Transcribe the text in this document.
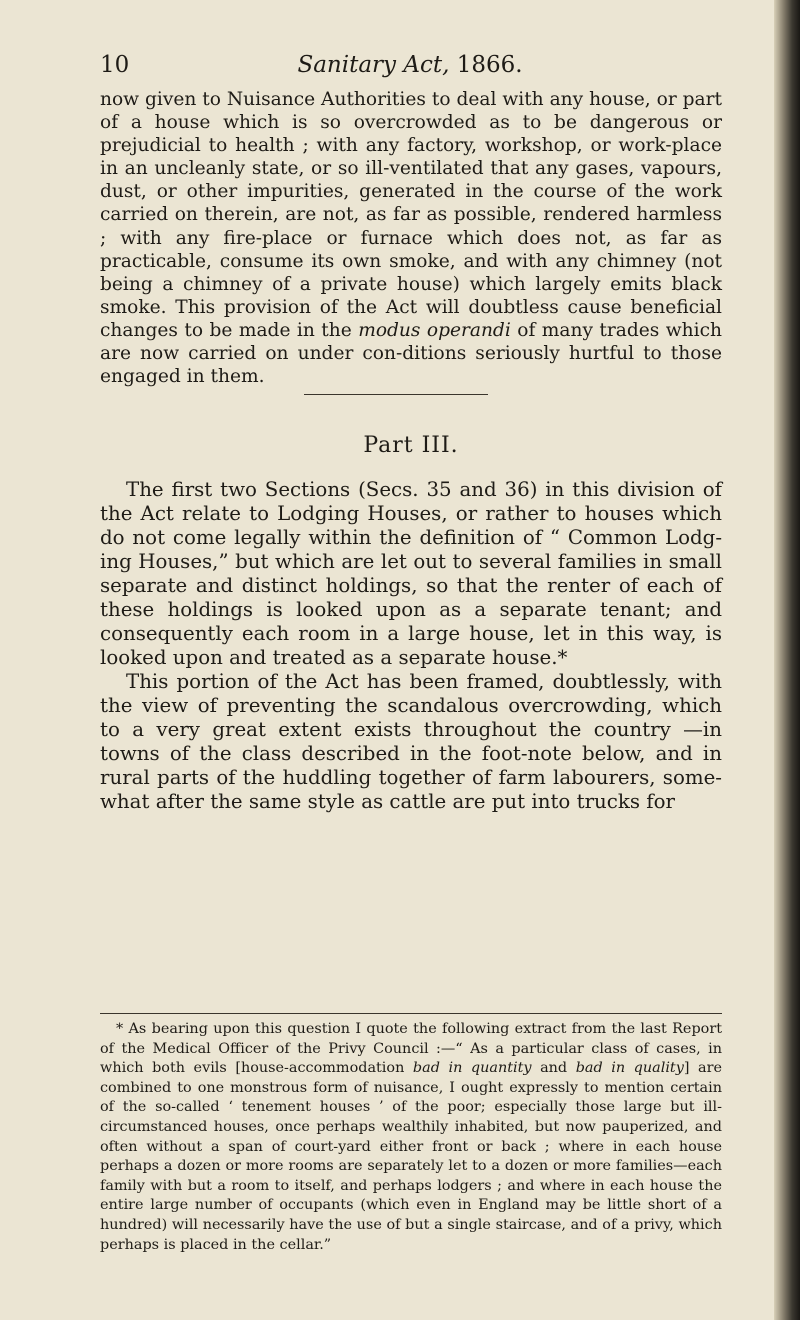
10	Sanitary Act, 1866.

now given to Nuisance Authorities to deal with any house, or part of a house which is so overcrowded as to be dangerous or prejudicial to health ; with any factory, workshop, or work-place in an uncleanly state, or so ill-ventilated that any gases, vapours, dust, or other impurities, generated in the course of the work carried on therein, are not, as far as possible, rendered harmless ; with any fire-place or furnace which does not, as far as practicable, consume its own smoke, and with any chimney (not being a chimney of a private house) which largely emits black smoke. This provision of the Act will doubtless cause beneficial changes to be made in the modus operandi of many trades which are now carried on under con-ditions seriously hurtful to those engaged in them.

Part III.

The first two Sections (Secs. 35 and 36) in this division of the Act relate to Lodging Houses, or rather to houses which do not come legally within the definition of “ Common Lodg-ing Houses,” but which are let out to several families in small separate and distinct holdings, so that the renter of each of these holdings is looked upon as a separate tenant; and consequently each room in a large house, let in this way, is looked upon and treated as a separate house.*

This portion of the Act has been framed, doubtlessly, with the view of preventing the scandalous overcrowding, which to a very great extent exists throughout the country —in towns of the class described in the foot-note below, and in rural parts of the huddling together of farm labourers, some-what after the same style as cattle are put into trucks for

* As bearing upon this question I quote the following extract from the last Report of the Medical Officer of the Privy Council :—“ As a particular class of cases, in which both evils [house-accommodation bad in quantity and bad in quality] are combined to one monstrous form of nuisance, I ought expressly to mention certain of the so-called ‘ tenement houses ’ of the poor; especially those large but ill-circumstanced houses, once perhaps wealthily inhabited, but now pauperized, and often without a span of court-yard either front or back ; where in each house perhaps a dozen or more rooms are separately let to a dozen or more families—each family with but a room to itself, and perhaps lodgers ; and where in each house the entire large number of occupants (which even in England may be little short of a hundred) will necessarily have the use of but a single staircase, and of a privy, which perhaps is placed in the cellar.”
